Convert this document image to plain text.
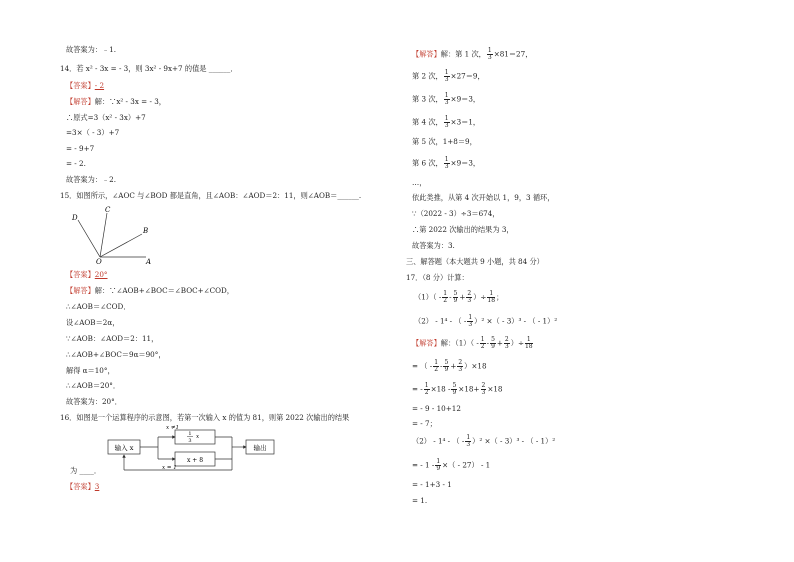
故答案为：﹣1.
14．若 x² - 3x = - 3，则 3x² - 9x+7 的值是 ______．
【答案】- 2
【解答】解：∵x² - 3x = - 3，
∴原式=3（x² - 3x）+7
=3×（ - 3）+7
= - 9+7
= - 2.
故答案为：﹣2.
15．如图所示，∠AOC 与∠BOD 都是直角，且∠AOB：∠AOD＝2：11，则∠AOB＝______.
D
C
B
O	A
【答案】20°
【解答】解：∵∠AOB+∠BOC＝∠BOC+∠COD，
∴∠AOB＝∠COD．
设∠AOB＝2α，
∵∠AOB：∠AOD＝2：11，
∴∠AOB+∠BOC＝9α＝90°，
解得 α＝10°，
∴∠AOB＝20°．
故答案为：20°．
16．如图是一个运算程序的示意图，若第一次输入 x 的值为 81，则第 2022 次输出的结果
输入 x	输出
1
3
x
x + 8
x ≠1
x = 1
为 ____．
【答案】3
【解答】解：第 1 次， $\frac{1}{3} \times 81=27$，
第 2 次， $\frac{1}{3} \times 27=9$，
第 3 次， $\frac{1}{3} \times 9=3$，
第 4 次， $\frac{1}{3} \times 3=1$，
第 5 次，1+8＝9，
第 6 次， $\frac{1}{3} \times 9=3$，
…，
依此类推，从第 4 次开始以 1，9，3 循环，
∵（2022 - 3）÷3＝674，
∴第 2022 次输出的结果为 3，
故答案为：3.
三、解答题（本大题共 9 小题，共 84 分）
17．（8 分）计算：
$(1)( - \frac{1}{2} - \frac{5}{9} + \frac{2}{3}$ ）÷ $\frac{1}{18}$ ；
（2） - 1⁴ - （ - $\frac{1}{3} )^2$ ×（ - 3）³ - （ - 1）²
【解答】解：$(1)( - \frac{1}{2} - \frac{5}{9} + \frac{2}{3}$ ）÷ $\frac{1}{18}$
= （ - $\frac{1}{2} - \frac{5}{9} + \frac{2}{3} )\times 18$
= - $\frac{1}{2} \times 18 - \frac{5}{9} \times 18+ \frac{2}{3} \times 18$
= - 9 - 10+12
= - 7；
（2） - 1⁴ - （ - $\frac{1}{3} )^2$ ×（ - 3）³ - （ - 1）²
= - $1 - \frac{1}{9}$ ×（ - 27） - 1
= - 1+3 - 1
= 1.
